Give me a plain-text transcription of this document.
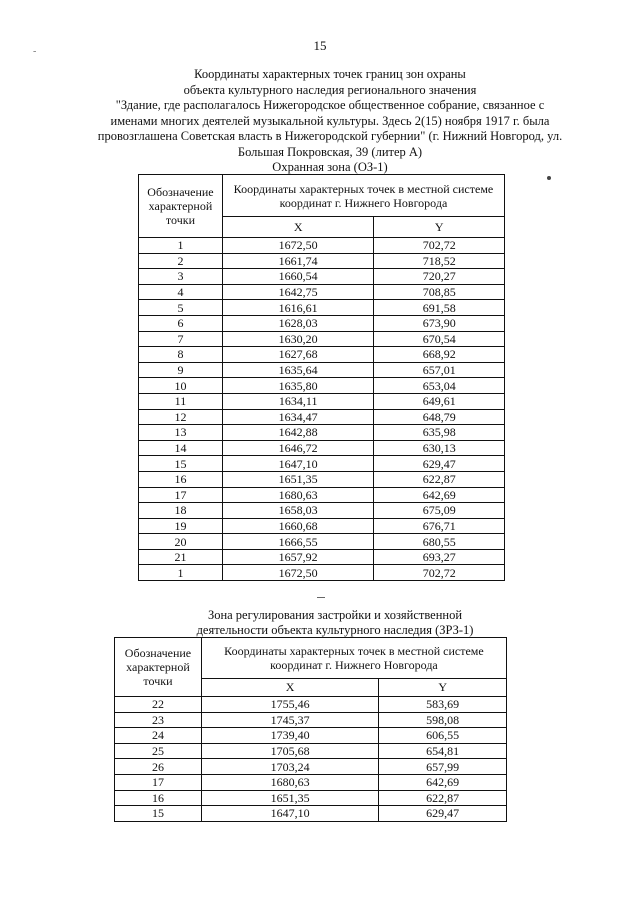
-	15
Координаты характерных точек границ зон охраны
объекта культурного наследия регионального значения
"Здание, где располагалось Нижегородское общественное собрание, связанное с
именами многих деятелей музыкальной культуры. Здесь 2(15) ноября 1917 г. была
провозглашена Советская власть в Нижегородской губернии" (г. Нижний Новгород, ул.
Большая Покровская, 39 (литер А)
Охранная зона (ОЗ-1)
Обозначение характерной точки	Координаты характерных точек в местной системе координат г. Нижнего Новгорода	
	X	Y
1	1672,50	702,72
2	1661,74	718,52
3	1660,54	720,27
4	1642,75	708,85
5	1616,61	691,58
6	1628,03	673,90
7	1630,20	670,54
8	1627,68	668,92
9	1635,64	657,01
10	1635,80	653,04
11	1634,11	649,61
12	1634,47	648,79
13	1642,88	635,98
14	1646,72	630,13
15	1647,10	629,47
16	1651,35	622,87
17	1680,63	642,69
18	1658,03	675,09
19	1660,68	676,71
20	1666,55	680,55
21	1657,92	693,27
1	1672,50	702,72
Зона регулирования застройки и хозяйственной
деятельности объекта культурного наследия (ЗРЗ-1)
Обозначение характерной точки	Координаты характерных точек в местной системе координат г. Нижнего Новгорода	
	X	Y
22	1755,46	583,69
23	1745,37	598,08
24	1739,40	606,55
25	1705,68	654,81
26	1703,24	657,99
17	1680,63	642,69
16	1651,35	622,87
15	1647,10	629,47
